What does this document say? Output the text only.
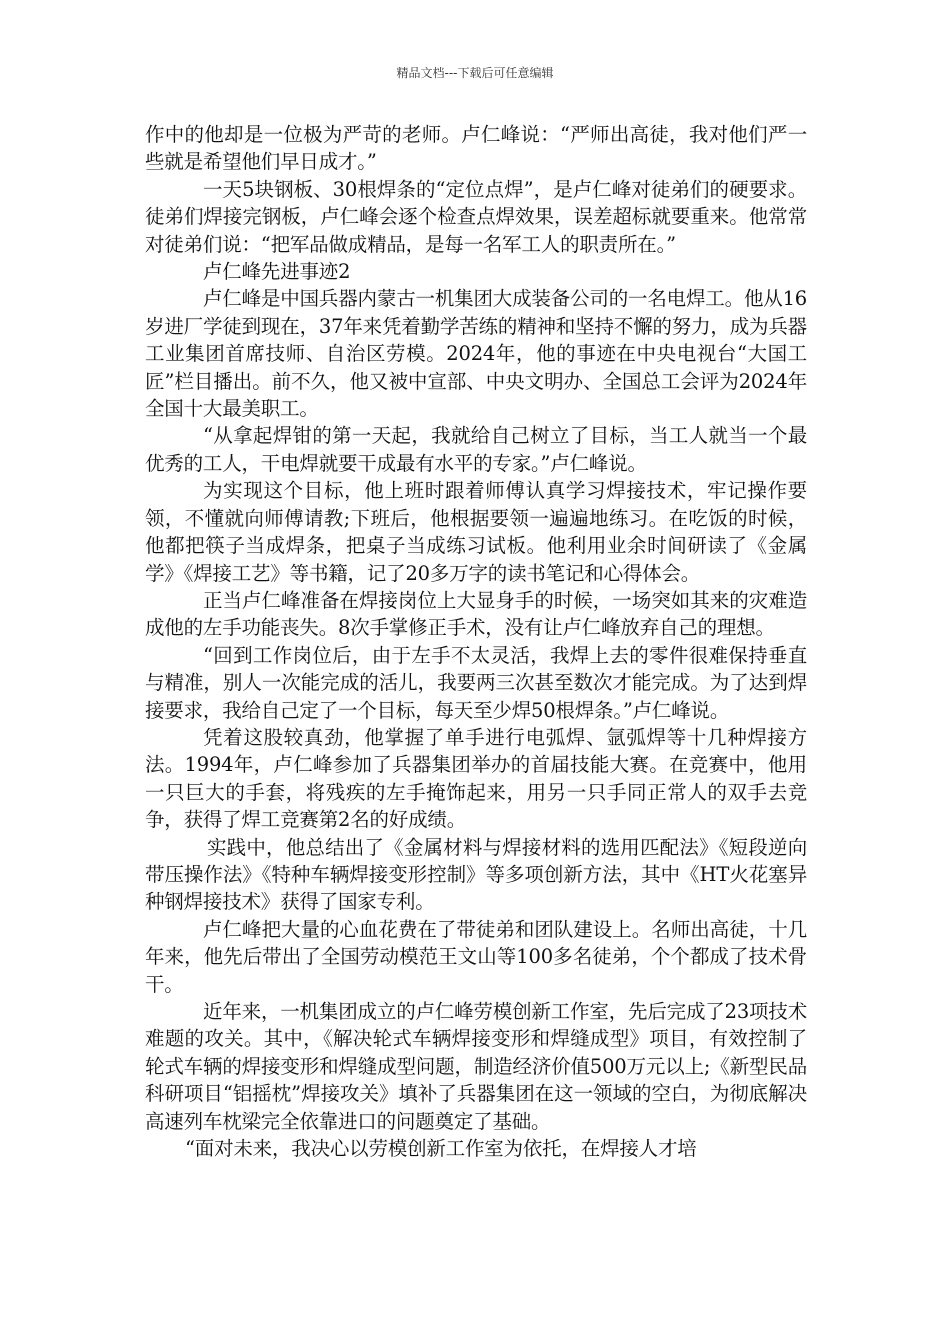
精品文档---下载后可任意编辑

作中的他却是一位极为严苛的老师。卢仁峰说：“严师出高徒，我对他们严一些就是希望他们早日成才。”

一天5块钢板、30根焊条的“定位点焊”，是卢仁峰对徒弟们的硬要求。徒弟们焊接完钢板，卢仁峰会逐个检查点焊效果，误差超标就要重来。他常常对徒弟们说：“把军品做成精品，是每一名军工人的职责所在。”

卢仁峰先进事迹2

卢仁峰是中国兵器内蒙古一机集团大成装备公司的一名电焊工。他从16岁进厂学徒到现在，37年来凭着勤学苦练的精神和坚持不懈的努力，成为兵器工业集团首席技师、自治区劳模。2024年，他的事迹在中央电视台“大国工匠”栏目播出。前不久，他又被中宣部、中央文明办、全国总工会评为2024年全国十大最美职工。

“从拿起焊钳的第一天起，我就给自己树立了目标，当工人就当一个最优秀的工人，干电焊就要干成最有水平的专家。”卢仁峰说。

为实现这个目标，他上班时跟着师傅认真学习焊接技术，牢记操作要领，不懂就向师傅请教;下班后，他根据要领一遍遍地练习。在吃饭的时候，他都把筷子当成焊条，把桌子当成练习试板。他利用业余时间研读了《金属学》《焊接工艺》等书籍，记了20多万字的读书笔记和心得体会。

正当卢仁峰准备在焊接岗位上大显身手的时候，一场突如其来的灾难造成他的左手功能丧失。8次手掌修正手术，没有让卢仁峰放弃自己的理想。

“回到工作岗位后，由于左手不太灵活，我焊上去的零件很难保持垂直与精准，别人一次能完成的活儿，我要两三次甚至数次才能完成。为了达到焊接要求，我给自己定了一个目标，每天至少焊50根焊条。”卢仁峰说。

凭着这股较真劲，他掌握了单手进行电弧焊、氩弧焊等十几种焊接方法。1994年，卢仁峰参加了兵器集团举办的首届技能大赛。在竞赛中，他用一只巨大的手套，将残疾的左手掩饰起来，用另一只手同正常人的双手去竞争，获得了焊工竞赛第2名的好成绩。

实践中，他总结出了《金属材料与焊接材料的选用匹配法》《短段逆向带压操作法》《特种车辆焊接变形控制》等多项创新方法，其中《HT火花塞异种钢焊接技术》获得了国家专利。

卢仁峰把大量的心血花费在了带徒弟和团队建设上。名师出高徒，十几年来，他先后带出了全国劳动模范王文山等100多名徒弟，个个都成了技术骨干。

近年来，一机集团成立的卢仁峰劳模创新工作室，先后完成了23项技术难题的攻关。其中，《解决轮式车辆焊接变形和焊缝成型》项目，有效控制了轮式车辆的焊接变形和焊缝成型问题，制造经济价值500万元以上;《新型民品科研项目“铝摇枕”焊接攻关》填补了兵器集团在这一领域的空白，为彻底解决高速列车枕梁完全依靠进口的问题奠定了基础。

“面对未来，我决心以劳模创新工作室为依托，在焊接人才培
